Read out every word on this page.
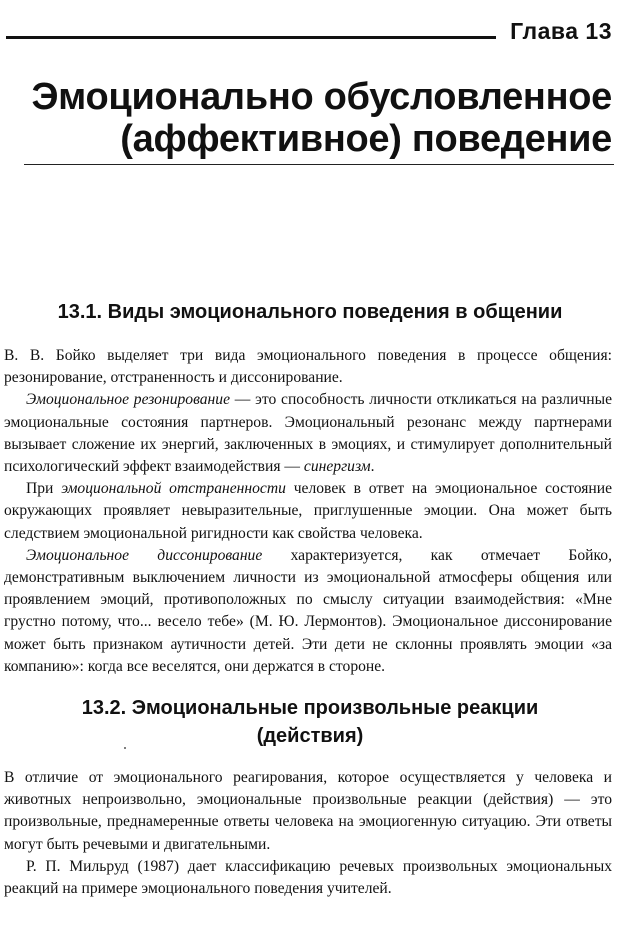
Глава 13
Эмоционально обусловленное (аффективное) поведение
13.1. Виды эмоционального поведения в общении

В. В. Бойко выделяет три вида эмоционального поведения в процессе общения: резонирование, отстраненность и диссонирование.

Эмоциональное резонирование — это способность личности откликаться на различные эмоциональные состояния партнеров. Эмоциональный резонанс между партнерами вызывает сложение их энергий, заключенных в эмоциях, и стимулирует дополнительный психологический эффект взаимодействия — синергизм.

При эмоциональной отстраненности человек в ответ на эмоциональное состояние окружающих проявляет невыразительные, приглушенные эмоции. Она может быть следствием эмоциональной ригидности как свойства человека.

Эмоциональное диссонирование характеризуется, как отмечает Бойко, демонстративным выключением личности из эмоциональной атмосферы общения или проявлением эмоций, противоположных по смыслу ситуации взаимодействия: «Мне грустно потому, что... весело тебе» (М. Ю. Лермонтов). Эмоциональное диссонирование может быть признаком аутичности детей. Эти дети не склонны проявлять эмоции «за компанию»: когда все веселятся, они держатся в стороне.

13.2. Эмоциональные произвольные реакции
(действия)

В отличие от эмоционального реагирования, которое осуществляется у человека и животных непроизвольно, эмоциональные произвольные реакции (действия) — это произвольные, преднамеренные ответы человека на эмоциогенную ситуацию. Эти ответы могут быть речевыми и двигательными.

Р. П. Мильруд (1987) дает классификацию речевых произвольных эмоциональных реакций на примере эмоционального поведения учителей.
